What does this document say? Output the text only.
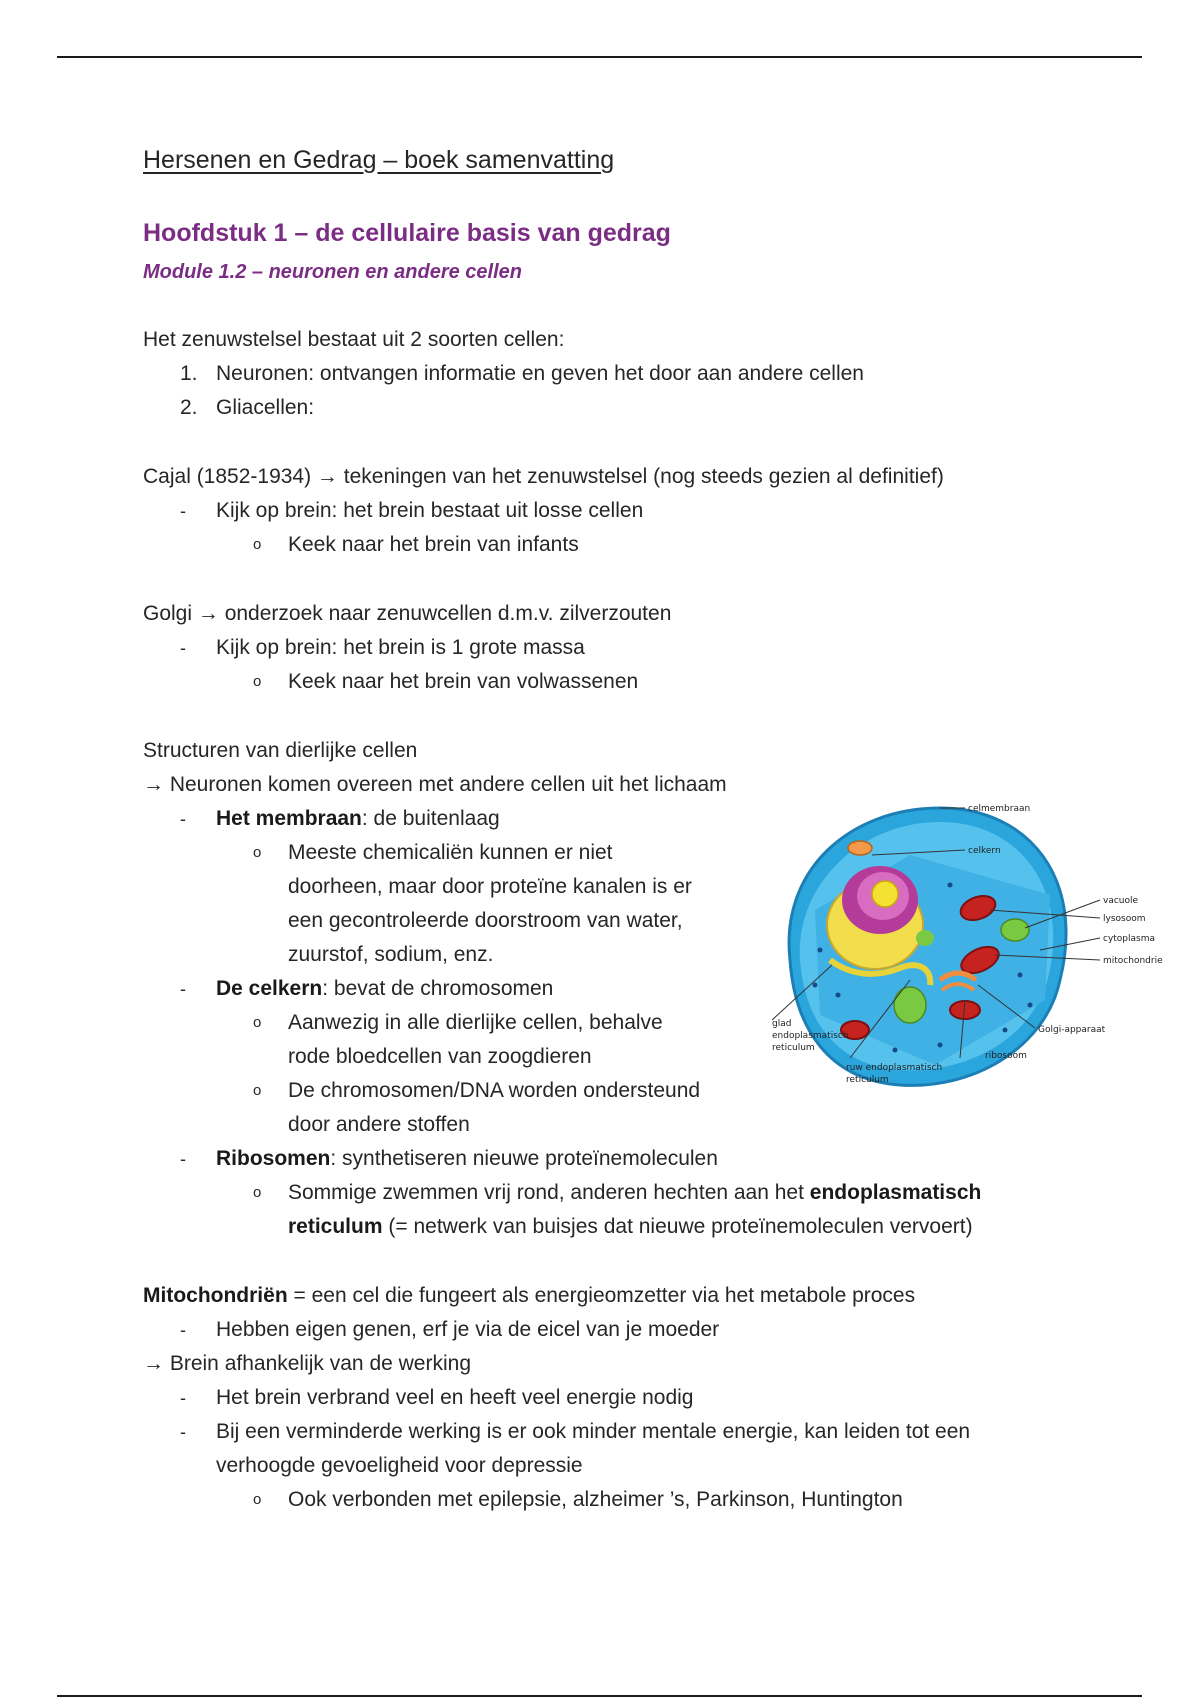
Hersenen en Gedrag – boek samenvatting
Hoofdstuk 1 – de cellulaire basis van gedrag
Module 1.2 – neuronen en andere cellen
Het zenuwstelsel bestaat uit 2 soorten cellen:
1. Neuronen: ontvangen informatie en geven het door aan andere cellen
2. Gliacellen:
Cajal (1852-1934) → tekeningen van het zenuwstelsel (nog steeds gezien al definitief)
- Kijk op brein: het brein bestaat uit losse cellen
o Keek naar het brein van infants
Golgi → onderzoek naar zenuwcellen d.m.v. zilverzouten
- Kijk op brein: het brein is 1 grote massa
o Keek naar het brein van volwassenen
Structuren van dierlijke cellen
→ Neuronen komen overeen met andere cellen uit het lichaam
- Het membraan: de buitenlaag
o Meeste chemicaliën kunnen er niet
doorheen, maar door proteïne kanalen is er
een gecontroleerde doorstroom van water,
zuurstof, sodium, enz.
- De celkern: bevat de chromosomen
o Aanwezig in alle dierlijke cellen, behalve
rode bloedcellen van zoogdieren
o De chromosomen/DNA worden ondersteund
door andere stoffen
- Ribosomen: synthetiseren nieuwe proteïnemoleculen
o Sommige zwemmen vrij rond, anderen hechten aan het endoplasmatisch
reticulum (= netwerk van buisjes dat nieuwe proteïnemoleculen vervoert)
Mitochondriën = een cel die fungeert als energieomzetter via het metabole proces
- Hebben eigen genen, erf je via de eicel van je moeder
→ Brein afhankelijk van de werking
- Het brein verbrand veel en heeft veel energie nodig
- Bij een verminderde werking is er ook minder mentale energie, kan leiden tot een
verhoogde gevoeligheid voor depressie
o Ook verbonden met epilepsie, alzheimer ’s, Parkinson, Huntington
celmembraan
celkern
vacuole
lysosoom
cytoplasma
mitochondrie
Golgi-apparaat
ribosoom
glad
endoplasmatisch
reticulum
ruw endoplasmatisch
reticulum
